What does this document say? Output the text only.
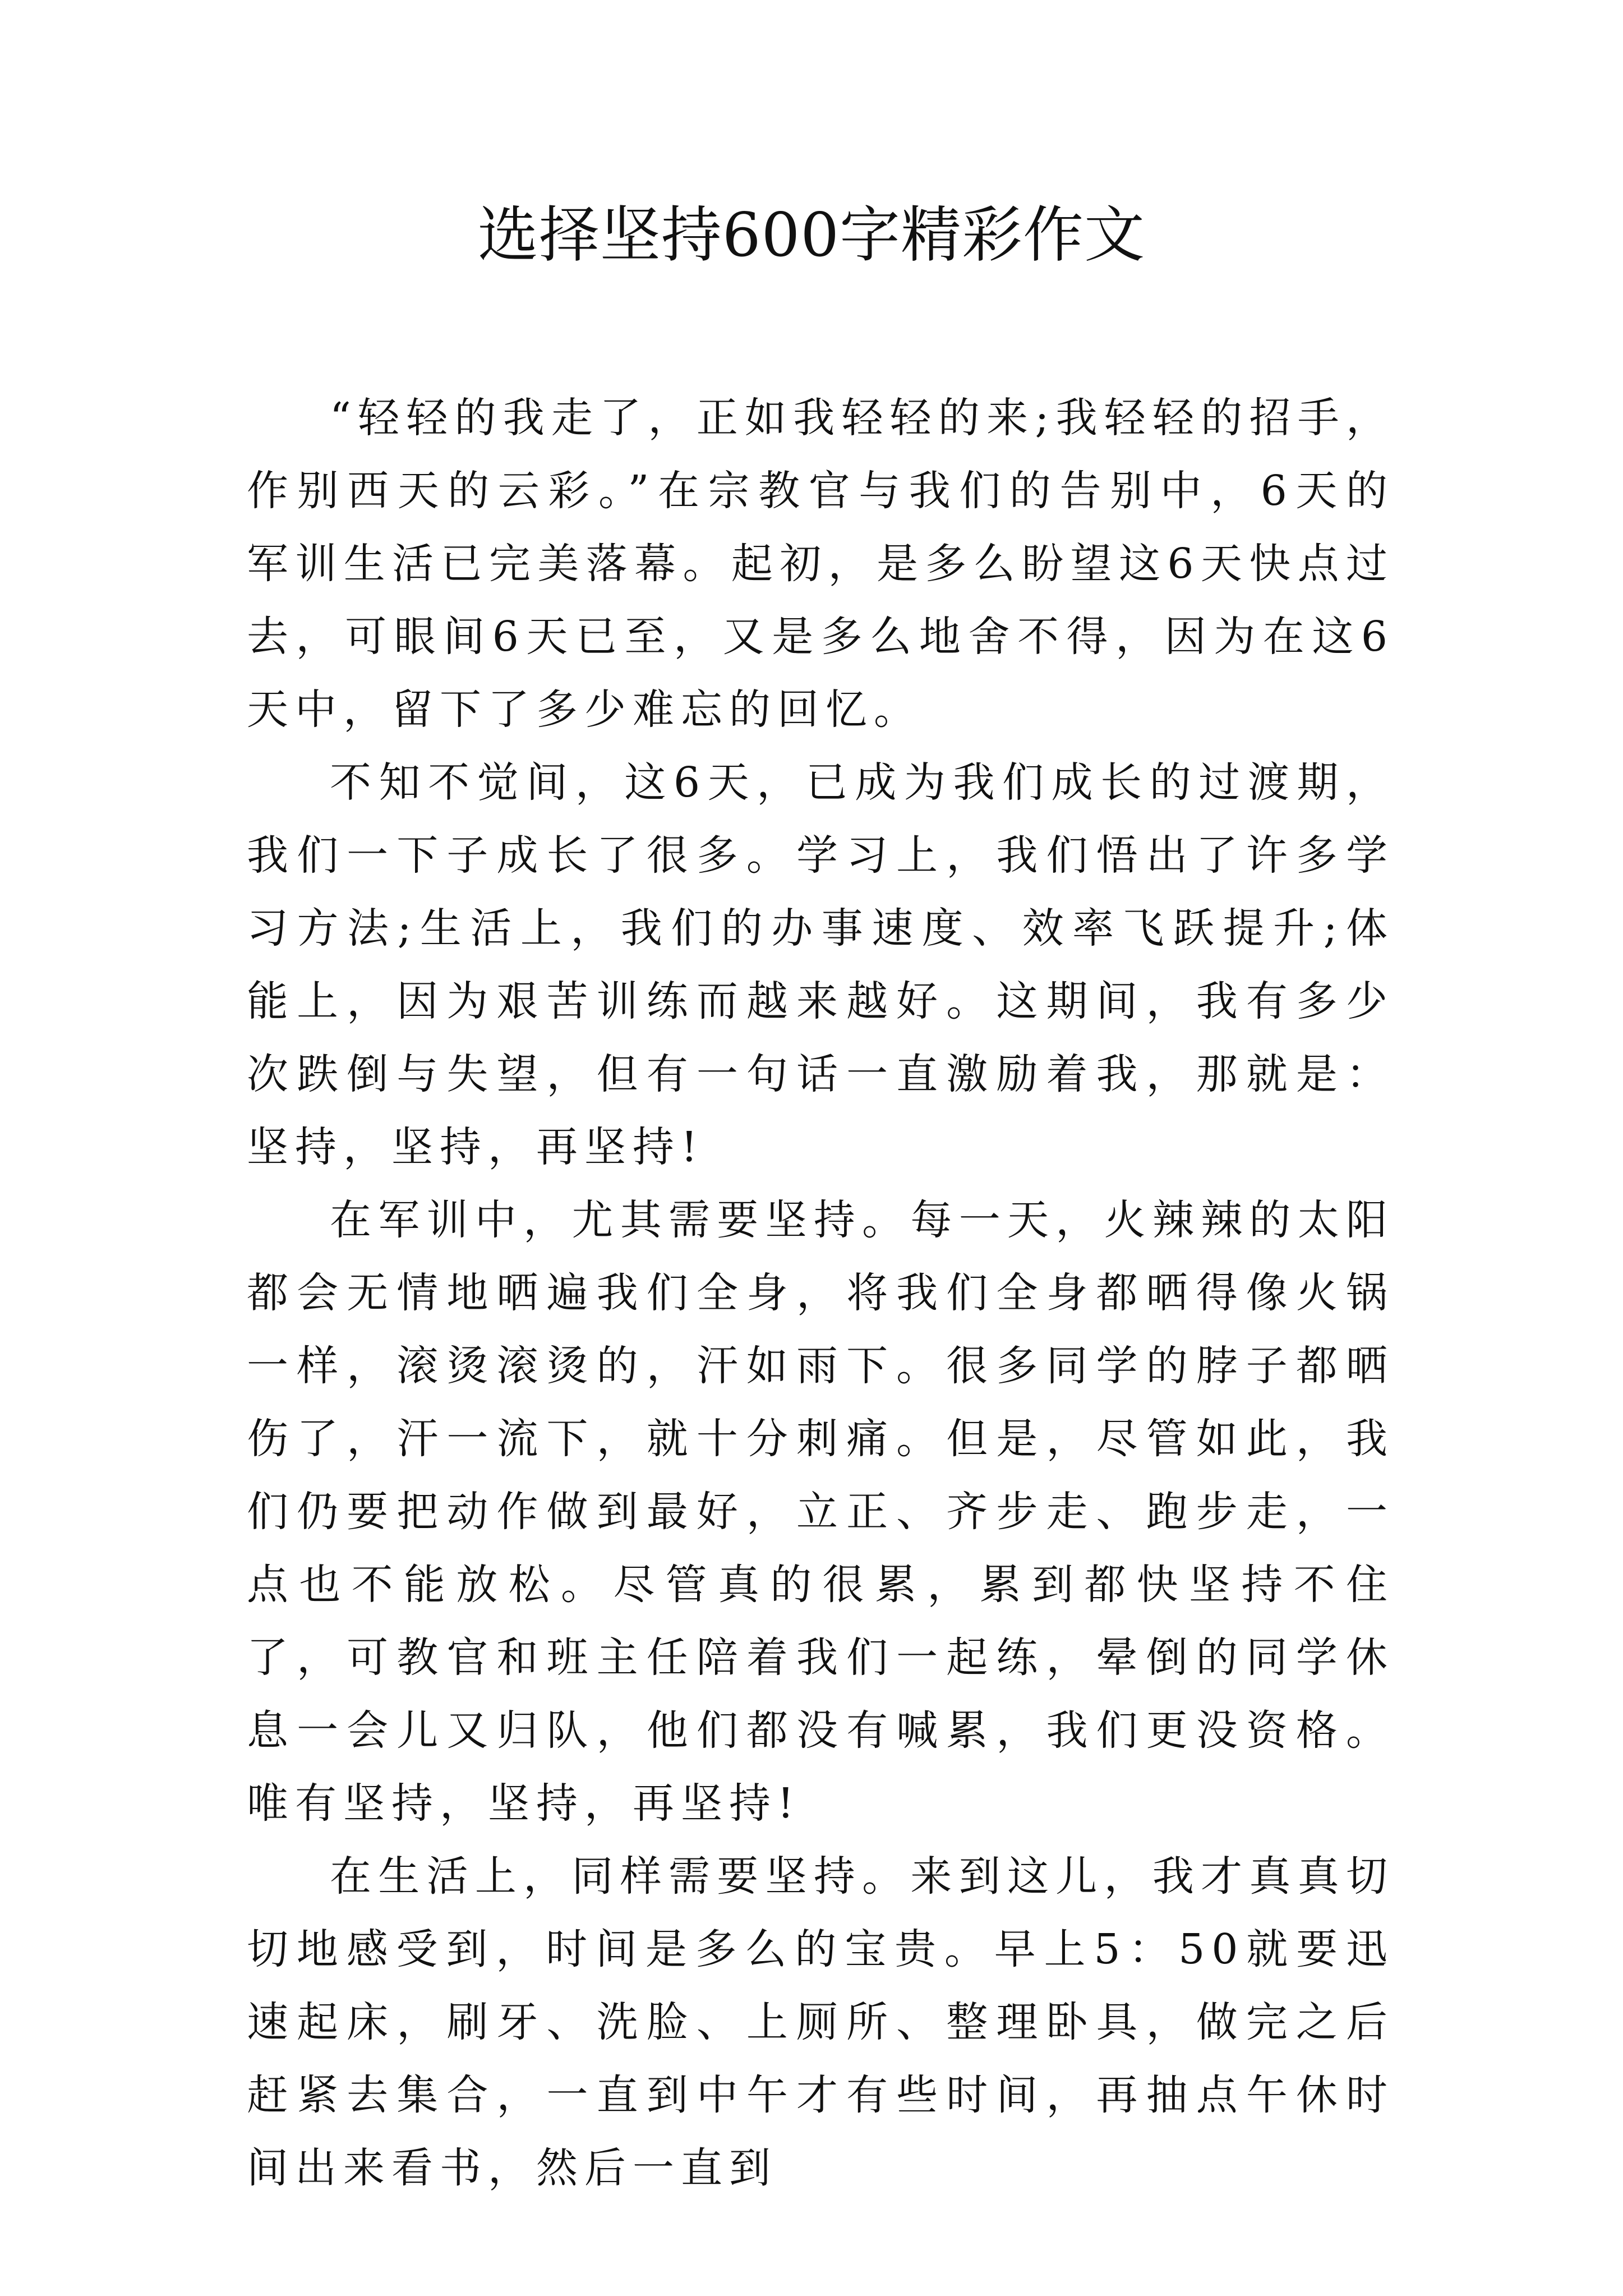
选择坚持600字精彩作文

“轻轻的我走了，正如我轻轻的来;我轻轻的招手，作别西天的云彩。”在宗教官与我们的告别中，6天的军训生活已完美落幕。起初，是多么盼望这6天快点过去，可眼间6天已至，又是多么地舍不得，因为在这6天中，留下了多少难忘的回忆。

不知不觉间，这6天，已成为我们成长的过渡期，我们一下子成长了很多。学习上，我们悟出了许多学习方法;生活上，我们的办事速度、效率飞跃提升;体能上，因为艰苦训练而越来越好。这期间，我有多少次跌倒与失望，但有一句话一直激励着我，那就是：坚持，坚持，再坚持!

在军训中，尤其需要坚持。每一天，火辣辣的太阳都会无情地晒遍我们全身，将我们全身都晒得像火锅一样，滚烫滚烫的，汗如雨下。很多同学的脖子都晒伤了，汗一流下，就十分刺痛。但是，尽管如此，我们仍要把动作做到最好，立正、齐步走、跑步走，一点也不能放松。尽管真的很累，累到都快坚持不住了，可教官和班主任陪着我们一起练，晕倒的同学休息一会儿又归队，他们都没有喊累，我们更没资格。唯有坚持，坚持，再坚持!

在生活上，同样需要坚持。来到这儿，我才真真切切地感受到，时间是多么的宝贵。早上5：50就要迅速起床，刷牙、洗脸、上厕所、整理卧具，做完之后赶紧去集合，一直到中午才有些时间，再抽点午休时间出来看书，然后一直到
